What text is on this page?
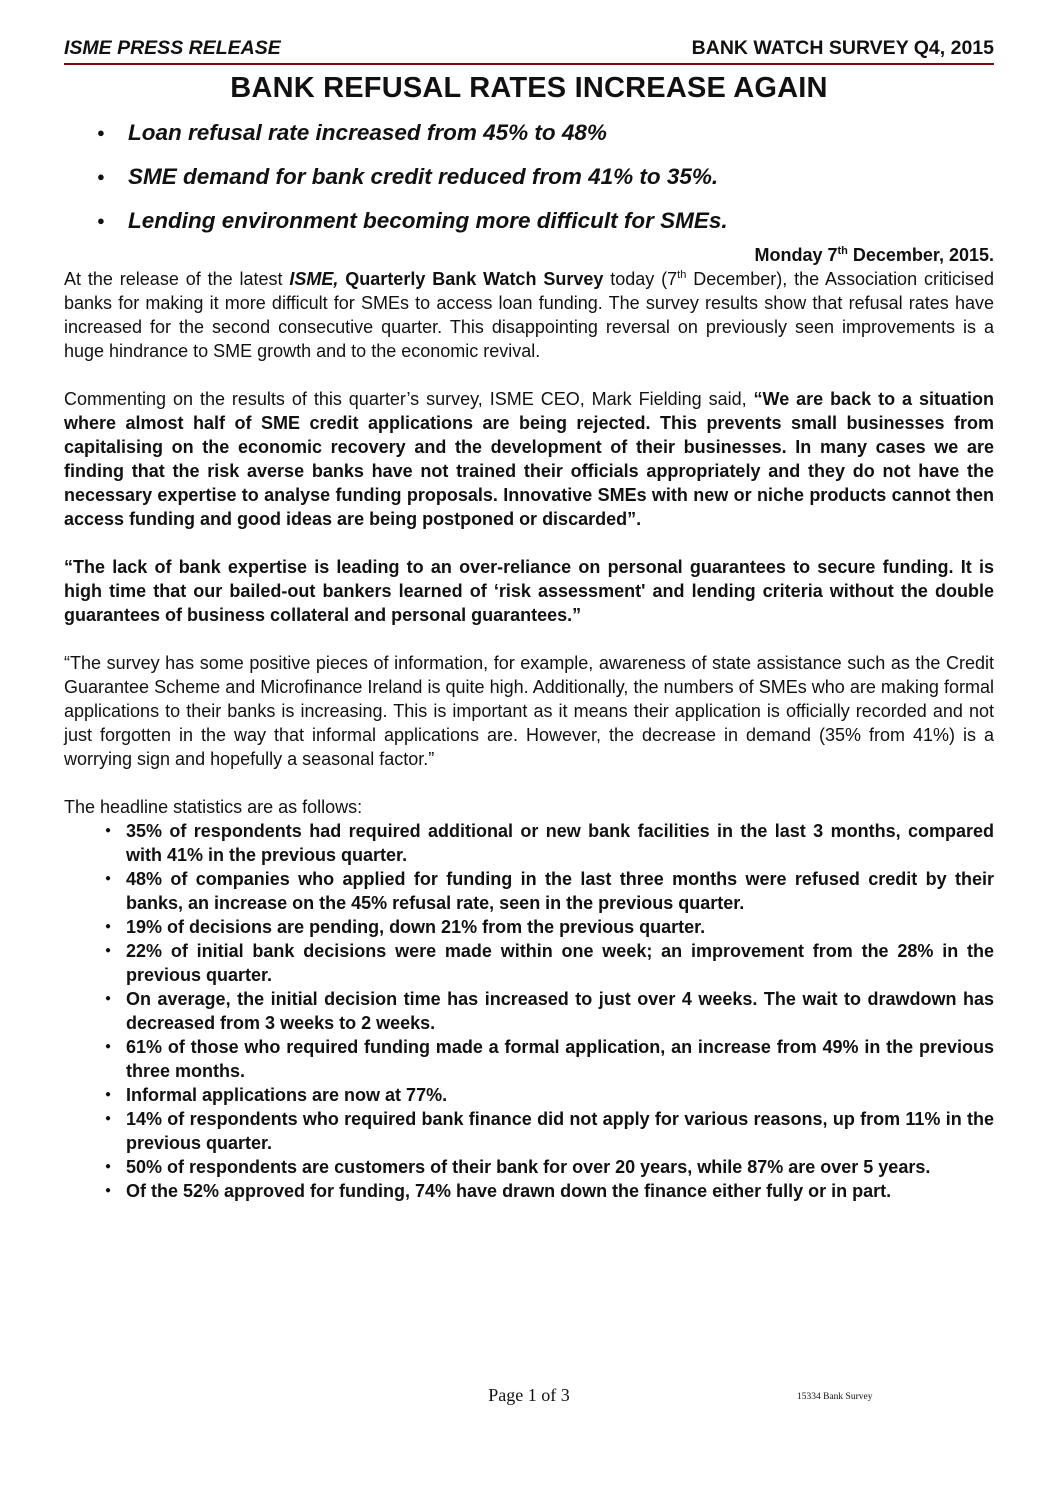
ISME PRESS RELEASE	BANK WATCH SURVEY Q4, 2015
BANK REFUSAL RATES INCREASE AGAIN
● Loan refusal rate increased from 45% to 48%
● SME demand for bank credit reduced from 41% to 35%.
● Lending environment becoming more difficult for SMEs.
Monday 7th December, 2015.

At the release of the latest ISME, Quarterly Bank Watch Survey today (7th December), the Association criticised banks for making it more difficult for SMEs to access loan funding. The survey results show that refusal rates have increased for the second consecutive quarter. This disappointing reversal on previously seen improvements is a huge hindrance to SME growth and to the economic revival.

Commenting on the results of this quarter’s survey, ISME CEO, Mark Fielding said, “We are back to a situation where almost half of SME credit applications are being rejected. This prevents small businesses from capitalising on the economic recovery and the development of their businesses. In many cases we are finding that the risk averse banks have not trained their officials appropriately and they do not have the necessary expertise to analyse funding proposals. Innovative SMEs with new or niche products cannot then access funding and good ideas are being postponed or discarded”.

“The lack of bank expertise is leading to an over-reliance on personal guarantees to secure funding. It is high time that our bailed-out bankers learned of ‘risk assessment' and lending criteria without the double guarantees of business collateral and personal guarantees.”

“The survey has some positive pieces of information, for example, awareness of state assistance such as the Credit Guarantee Scheme and Microfinance Ireland is quite high. Additionally, the numbers of SMEs who are making formal applications to their banks is increasing. This is important as it means their application is officially recorded and not just forgotten in the way that informal applications are. However, the decrease in demand (35% from 41%) is a worrying sign and hopefully a seasonal factor.”

The headline statistics are as follows:

● 35% of respondents had required additional or new bank facilities in the last 3 months, compared with 41% in the previous quarter.
● 48% of companies who applied for funding in the last three months were refused credit by their banks, an increase on the 45% refusal rate, seen in the previous quarter.
● 19% of decisions are pending, down 21% from the previous quarter.
● 22% of initial bank decisions were made within one week; an improvement from the 28% in the previous quarter.
● On average, the initial decision time has increased to just over 4 weeks. The wait to drawdown has decreased from 3 weeks to 2 weeks.
● 61% of those who required funding made a formal application, an increase from 49% in the previous three months.
● Informal applications are now at 77%.
● 14% of respondents who required bank finance did not apply for various reasons, up from 11% in the previous quarter.
● 50% of respondents are customers of their bank for over 20 years, while 87% are over 5 years.
● Of the 52% approved for funding, 74% have drawn down the finance either fully or in part.
Page 1 of 3	15334 Bank Survey
